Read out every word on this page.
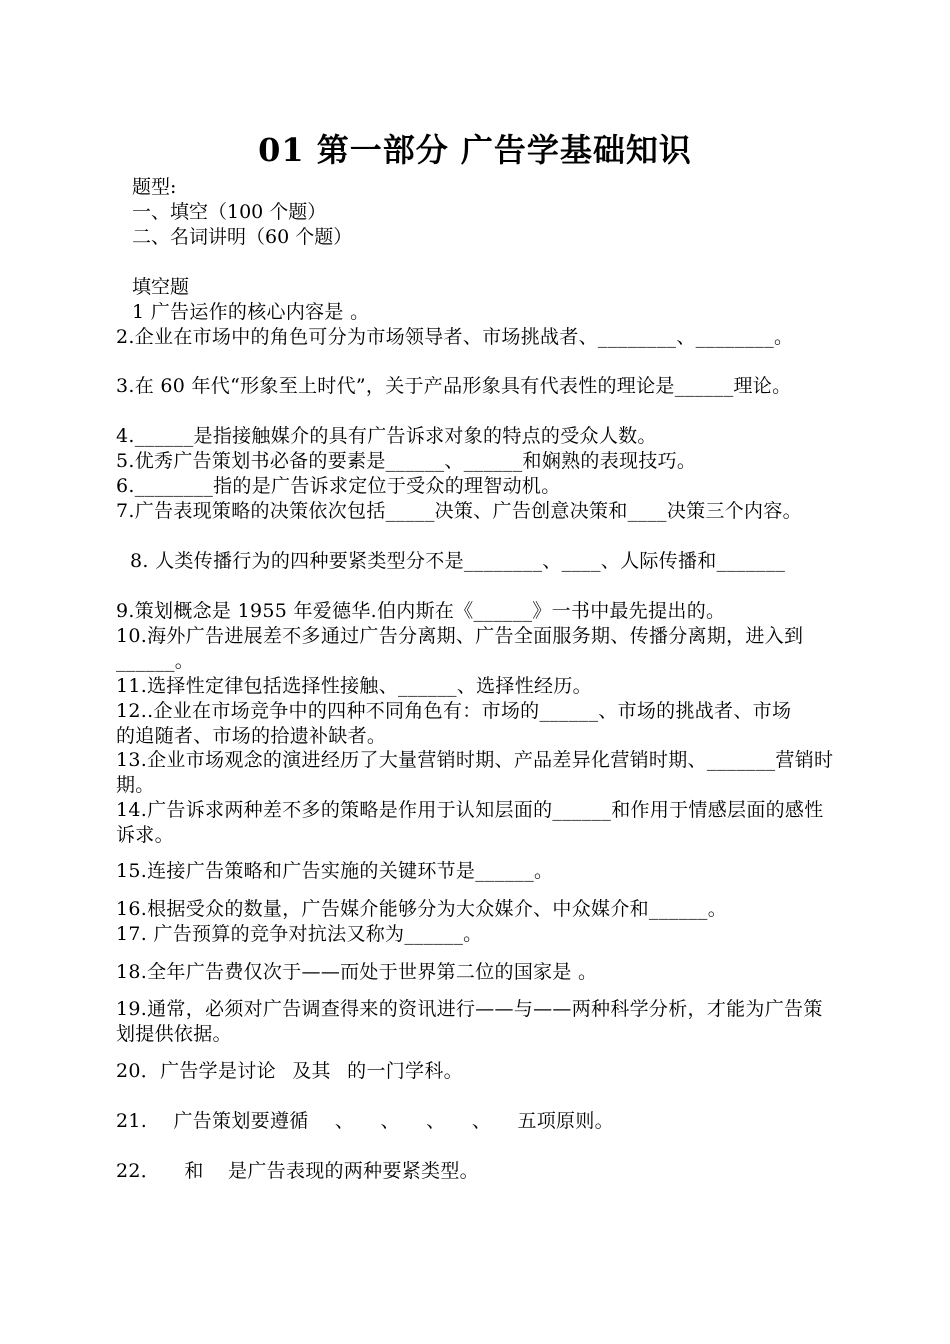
01 第一部分 广告学基础知识
题型:
一、填空（100 个题）
二、名词讲明（60 个题）
填空题
1 广告运作的核心内容是 。
2.企业在市场中的角色可分为市场领导者、市场挑战者、________、________。
3.在 60 年代“形象至上时代”，关于产品形象具有代表性的理论是______理论。
4.______是指接触媒介的具有广告诉求对象的特点的受众人数。
5.优秀广告策划书必备的要素是______、______和娴熟的表现技巧。
6.________指的是广告诉求定位于受众的理智动机。
7.广告表现策略的决策依次包括_____决策、广告创意决策和____决策三个内容。
8. 人类传播行为的四种要紧类型分不是________、____、人际传播和_______
9.策划概念是 1955 年爱德华.伯内斯在《______》一书中最先提出的。
10.海外广告进展差不多通过广告分离期、广告全面服务期、传播分离期，进入到______。
11.选择性定律包括选择性接触、______、选择性经历。
12..企业在市场竞争中的四种不同角色有：市场的______、市场的挑战者、市场的追随者、市场的拾遗补缺者。
13.企业市场观念的演进经历了大量营销时期、产品差异化营销时期、_______营销时期。
14.广告诉求两种差不多的策略是作用于认知层面的______和作用于情感层面的感性诉求。
15.连接广告策略和广告实施的关键环节是______。
16.根据受众的数量，广告媒介能够分为大众媒介、中众媒介和______。
17. 广告预算的竞争对抗法又称为______。
18.全年广告费仅次于——而处于世界第二位的国家是 。
19.通常，必须对广告调查得来的资讯进行——与——两种科学分析，才能为广告策划提供依据。
20．广告学是讨论 及其 的一门学科。
21. 广告策划要遵循 、 、 、 、 五项原则。
22． 和 是广告表现的两种要紧类型。
